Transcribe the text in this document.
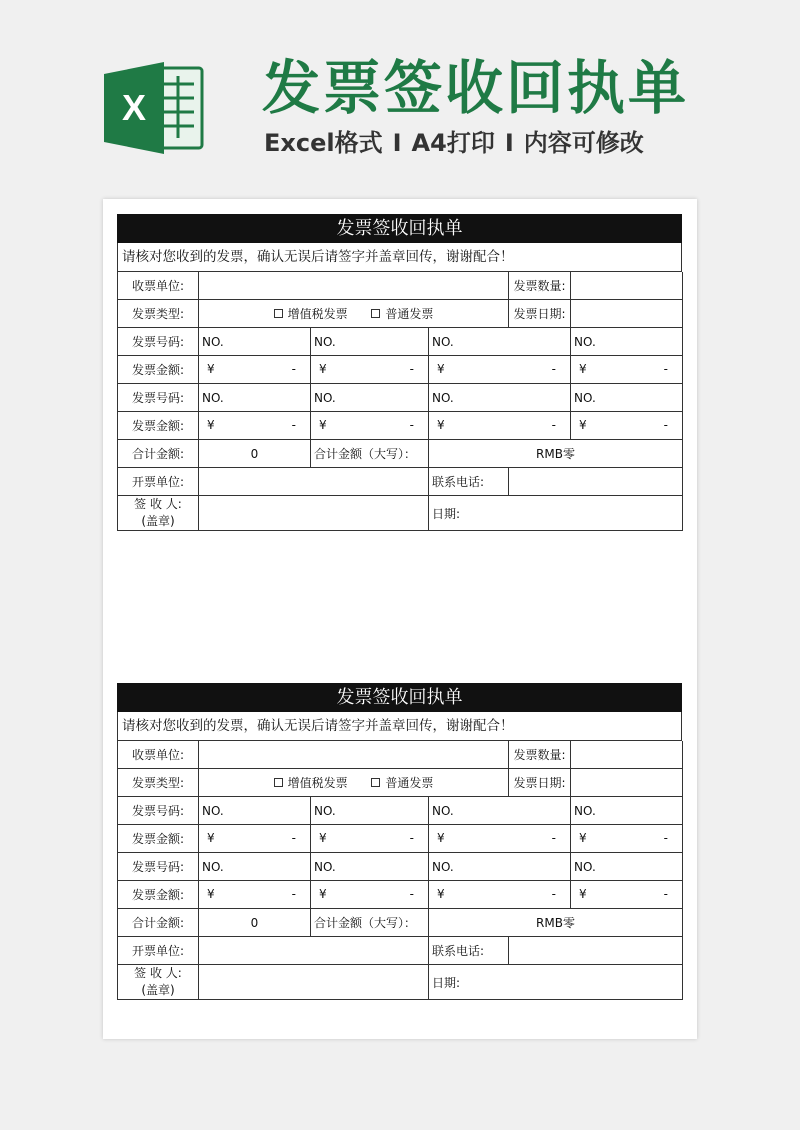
X 发票签收回执单
Excel格式 I A4打印 I 内容可修改
发票签收回执单
请核对您收到的发票，确认无误后请签字并盖章回传，谢谢配合！
收票单位:				发票数量:	
发票类型:	增值税发票 普通发票			发票日期:	
发票号码:	NO.	NO.	NO.		NO.
发票金额:	¥ -	¥ -	¥ -		¥ -

发票号码:	NO.	NO.	NO.		NO.
发票金额:	¥ -	¥ -	¥ -		¥ -

合计金额:	0	合计金额（大写）：	RMB零		
开票单位:			联系电话:		
签 收 人:
(盖章)			日期:		
发票签收回执单
请核对您收到的发票，确认无误后请签字并盖章回传，谢谢配合！
收票单位:				发票数量:	
发票类型:	增值税发票 普通发票			发票日期:	
发票号码:	NO.	NO.	NO.		NO.
发票金额:	¥ -	¥ -	¥ -		¥ -

发票号码:	NO.	NO.	NO.		NO.
发票金额:	¥ -	¥ -	¥ -		¥ -

合计金额:	0	合计金额（大写）：	RMB零		
开票单位:			联系电话:		
签 收 人:
(盖章)			日期:		
